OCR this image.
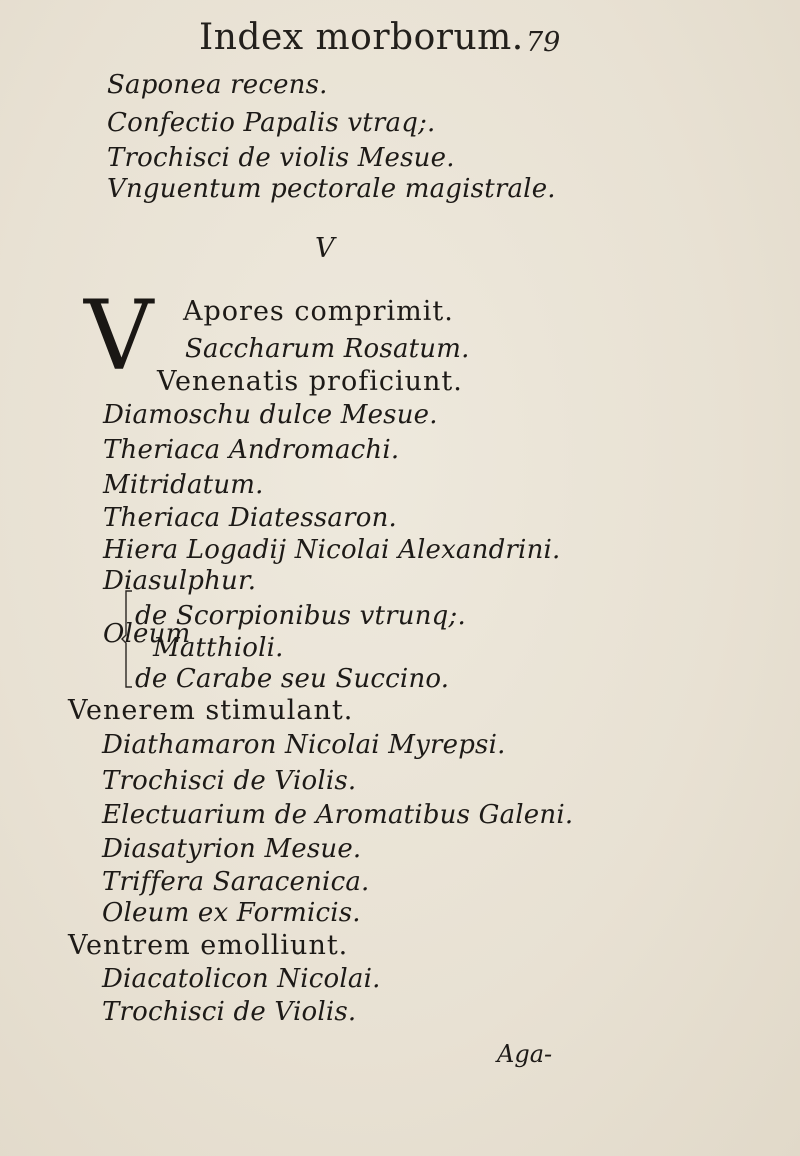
Index morborum. 79
Saponea recens.
Confectio Papalis vtraq;.
Trochisci de violis Mesue.
Vnguentum pectorale magistrale.
V
V Apores comprimit.
Saccharum Rosatum.
Venenatis proficiunt.
Diamoschu dulce Mesue.
Theriaca Andromachi.
Mitridatum.
Theriaca Diatessaron.
Hiera Logadij Nicolai Alexandrini.
Diasulphur.
Oleum
de Scorpionibus vtrunq;.
Matthioli.
de Carabe seu Succino.
Venerem stimulant.
Diathamaron Nicolai Myrepsi.
Trochisci de Violis.
Electuarium de Aromatibus Galeni.
Diasatyrion Mesue.
Triffera Saracenica.
Oleum ex Formicis.
Ventrem emolliunt.
Diacatolicon Nicolai.
Trochisci de Violis.
Aga-
